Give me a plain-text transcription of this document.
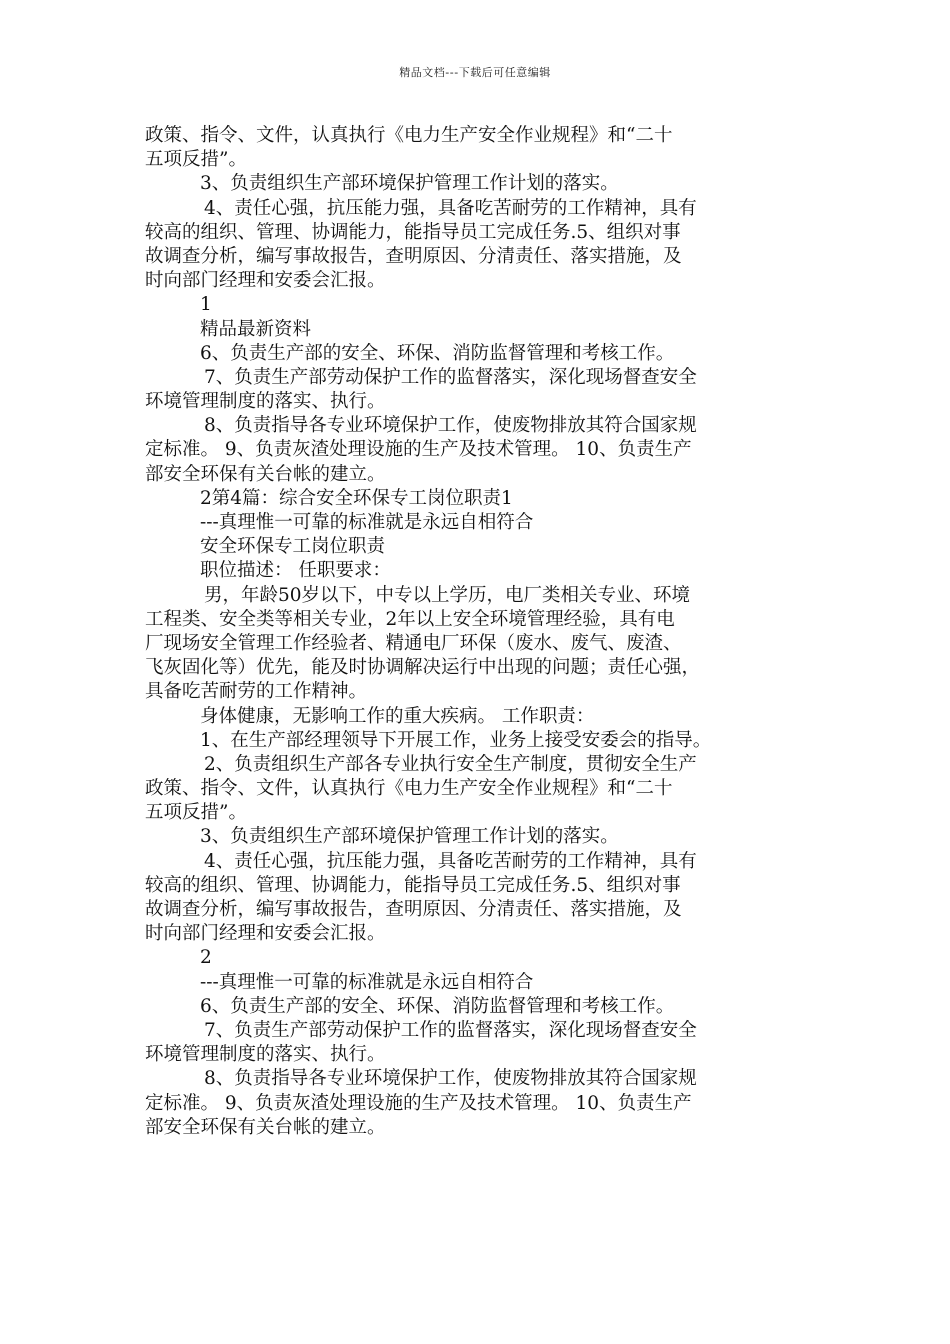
精品文档---下载后可任意编辑
政策、指令、文件，认真执行《电力生产安全作业规程》和“二十
五项反措”。
3、负责组织生产部环境保护管理工作计划的落实。
4、责任心强，抗压能力强，具备吃苦耐劳的工作精神，具有
较高的组织、管理、协调能力，能指导员工完成任务.5、组织对事
故调查分析，编写事故报告，查明原因、分清责任、落实措施，及
时向部门经理和安委会汇报。
1
精品最新资料
6、负责生产部的安全、环保、消防监督管理和考核工作。
7、负责生产部劳动保护工作的监督落实，深化现场督查安全
环境管理制度的落实、执行。
8、负责指导各专业环境保护工作，使废物排放其符合国家规
定标准。 9、负责灰渣处理设施的生产及技术管理。 10、负责生产
部安全环保有关台帐的建立。
2第4篇：综合安全环保专工岗位职责1
---真理惟一可靠的标准就是永远自相符合
安全环保专工岗位职责
职位描述： 任职要求：
男，年龄50岁以下，中专以上学历，电厂类相关专业、环境
工程类、安全类等相关专业，2年以上安全环境管理经验，具有电
厂现场安全管理工作经验者、精通电厂环保（废水、废气、废渣、
飞灰固化等）优先，能及时协调解决运行中出现的问题；责任心强，
具备吃苦耐劳的工作精神。
身体健康，无影响工作的重大疾病。 工作职责：
1、在生产部经理领导下开展工作，业务上接受安委会的指导。
2、负责组织生产部各专业执行安全生产制度，贯彻安全生产
政策、指令、文件，认真执行《电力生产安全作业规程》和“二十
五项反措”。
3、负责组织生产部环境保护管理工作计划的落实。
4、责任心强，抗压能力强，具备吃苦耐劳的工作精神，具有
较高的组织、管理、协调能力，能指导员工完成任务.5、组织对事
故调查分析，编写事故报告，查明原因、分清责任、落实措施，及
时向部门经理和安委会汇报。
2
---真理惟一可靠的标准就是永远自相符合
6、负责生产部的安全、环保、消防监督管理和考核工作。
7、负责生产部劳动保护工作的监督落实，深化现场督查安全
环境管理制度的落实、执行。
8、负责指导各专业环境保护工作，使废物排放其符合国家规
定标准。 9、负责灰渣处理设施的生产及技术管理。 10、负责生产
部安全环保有关台帐的建立。
